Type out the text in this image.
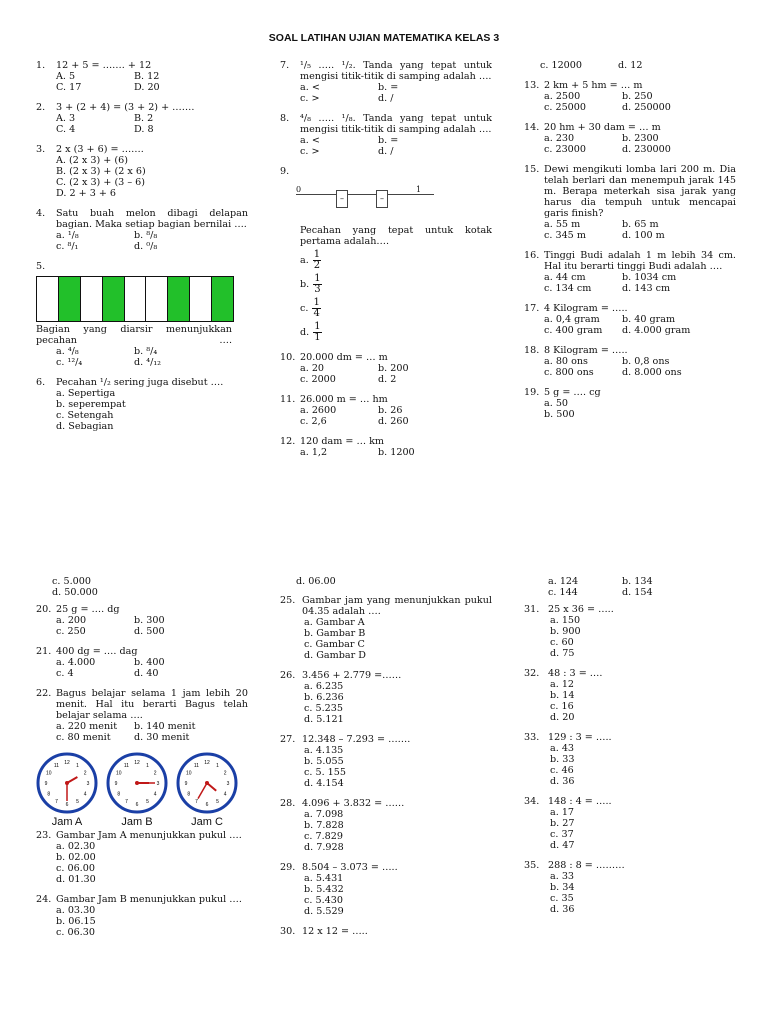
SOAL LATIHAN UJIAN MATEMATIKA KELAS 3
1.	12 + 5 = ……. + 12
A. 5	B. 12
C. 17	D. 20
2.	3 + (2 + 4) = (3 + 2) + …….
A. 3	B. 2
C. 4	D. 8
3.	2 x (3 + 6) = …….
A. (2 x 3) + (6)
B. (2 x 3) + (2 x 6)
C. (2 x 3) + (3 – 6)
D. 2 + 3 + 6
4.	Satu buah melon dibagi delapan bagian. Maka setiap bagian bernilai ….
a. ¹/₈	b. ⁸/₈
c. ⁸/₁	d. ⁰/₈
5.
Bagian yang diarsir menunjukkan pecahan ….
a. ⁴/₈	b. ⁸/₄
c. ¹²/₄	d. ⁴/₁₂
6.	Pecahan ¹/₂ sering juga disebut ….
a. Sepertiga
b. seperempat
c. Setengah
d. Sebagian
7.	¹/₅ ….. ¹/₂. Tanda yang tepat untuk mengisi titik-titik di samping adalah ….
a. <	b. =
c. >	d. /
8.	⁴/₈ ….. ¹/₈. Tanda yang tepat untuk mengisi titik-titik di samping adalah ….
a. <	b. =
c. >	d. /
9.
0
–	–
1
Pecahan yang tepat untuk kotak pertama adalah….
a. $\frac{1}{2}$
b. $\frac{1}{3}$
c. $\frac{1}{4}$
d. $\frac{1}{1}$
10. 20.000 dm = … m
a. 20	b. 200
c. 2000	d. 2
11. 26.000 m = … hm
a. 2600	b. 26
c. 2,6	d. 260
12. 120 dam = … km
a. 1,2	b. 1200
c. 12000	d. 12
13. 2 km + 5 hm = … m
a. 2500	b. 250
c. 25000	d. 250000
14. 20 hm + 30 dam = … m
a. 230	b. 2300
c. 23000	d. 230000
15. Dewi mengikuti lomba lari 200 m. Dia telah berlari dan menempuh jarak 145 m. Berapa meterkah sisa jarak yang harus dia tempuh untuk mencapai garis finish?
a. 55 m	b. 65 m
c. 345 m	d. 100 m
16. Tinggi Budi adalah 1 m lebih 34 cm. Hal itu berarti tinggi Budi adalah ….
a. 44 cm	b. 1034 cm
c. 134 cm	d. 143 cm
17. 4 Kilogram = …..
a. 0,4 gram	b. 40 gram
c. 400 gram	d. 4.000 gram
18. 8 Kilogram = …..
a. 80 ons	b. 0,8 ons
c. 800 ons	d. 8.000 ons
19. 5 g = …. cg
a. 50
b. 500
c. 5.000
d. 50.000
20. 25 g = …. dg
a. 200	b. 300
c. 250	d. 500
21. 400 dg = …. dag
a. 4.000	b. 400
c. 4	d. 40
22. Bagus belajar selama 1 jam lebih 20 menit. Hal itu berarti Bagus telah belajar selama ….
a. 220 menit	b. 140 menit
c. 80 menit	d. 30 menit
1
2
3
4
5
6
7
8
9
10
11 12
Jam A
1
2
3
4
5
6
7
8
9
10
11 12
Jam B
1
2
3
4
5
6
7
8
9
10
11 12
Jam C
23. Gambar Jam A menunjukkan pukul ….
a. 02.30
b. 02.00
c. 06.00
d. 01.30
24. Gambar Jam B menunjukkan pukul ….
a. 03.30
b. 06.15
c. 06.30
d. 06.00
25. Gambar jam yang menunjukkan pukul 04.35 adalah ….
a. Gambar A
b. Gambar B
c. Gambar C
d. Gambar D
26. 3.456 + 2.779 =……
a. 6.235
b. 6.236
c. 5.235
d. 5.121
27. 12.348 – 7.293 = …….
a. 4.135
b. 5.055
c. 5. 155
d. 4.154
28. 4.096 + 3.832 = ……
a. 7.098
b. 7.828
c. 7.829
d. 7.928
29. 8.504 – 3.073 = …..
a. 5.431
b. 5.432
c. 5.430
d. 5.529
30. 12 x 12 = …..
a. 124	b. 134
c. 144	d. 154
31. 25 x 36 = …..
a. 150
b. 900
c. 60
d. 75
32. 48 : 3 = ….
a. 12
b. 14
c. 16
d. 20
33. 129 : 3 = …..
a. 43
b. 33
c. 46
d. 36
34. 148 : 4 = …..
a. 17
b. 27
c. 37
d. 47
35. 288 : 8 = ………
a. 33
b. 34
c. 35
d. 36
